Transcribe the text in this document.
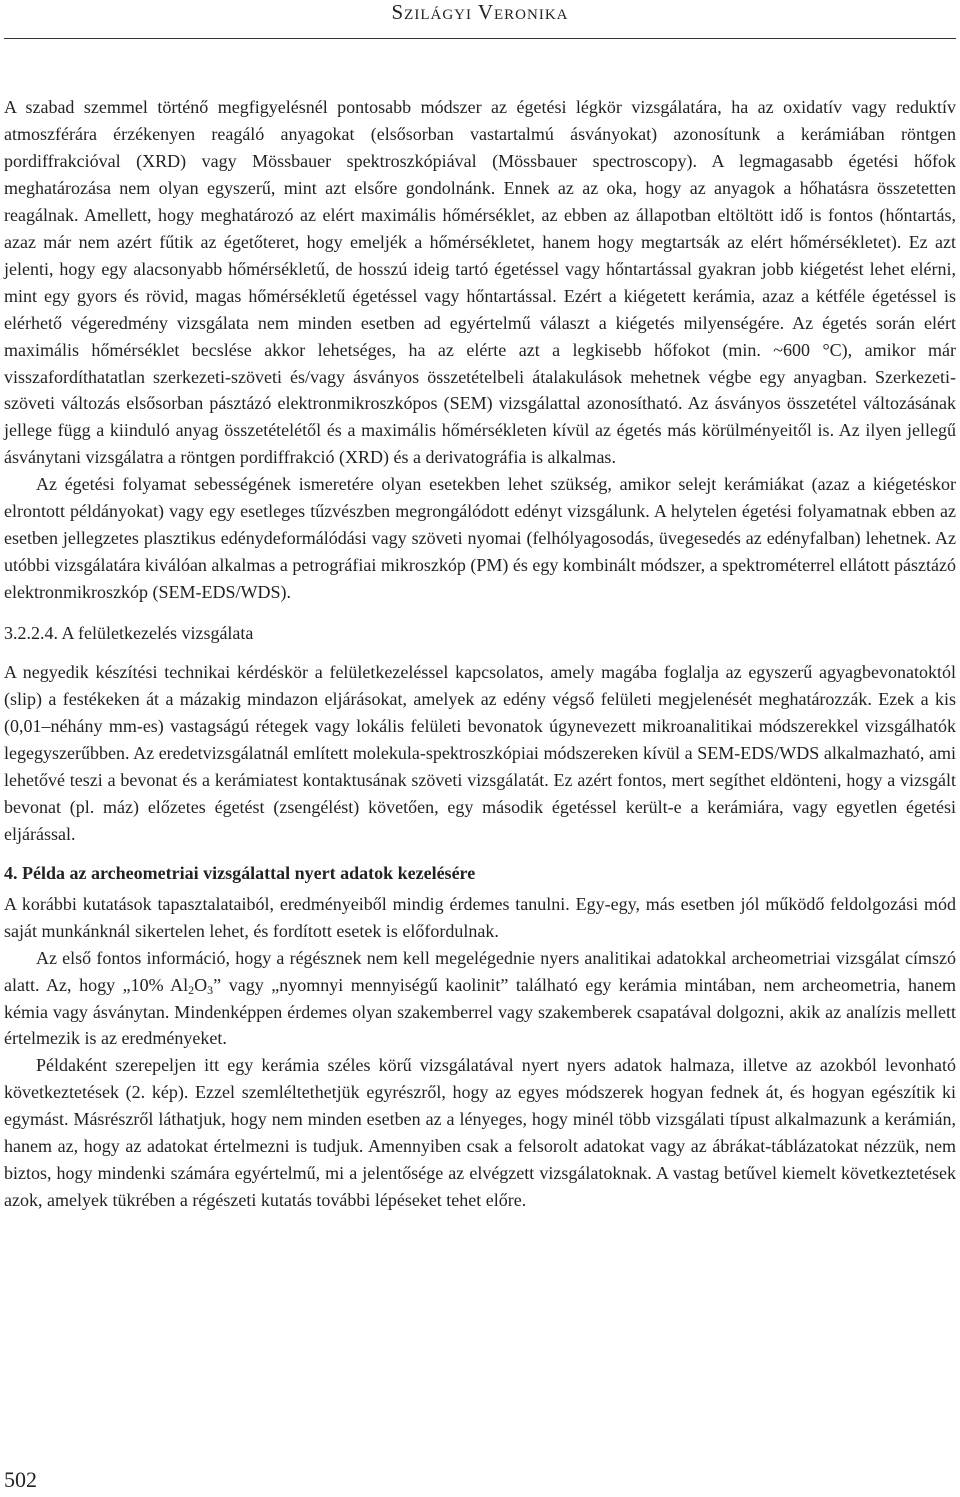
Szilágyi Veronika

A szabad szemmel történő megfigyelésnél pontosabb módszer az égetési légkör vizsgálatára, ha az oxidatív vagy reduktív atmoszférára érzékenyen reagáló anyagokat (elsősorban vastartalmú ásványokat) azonosítunk a kerámiában röntgen pordiffrakcióval (XRD) vagy Mössbauer spektroszkópiával (Mössbauer spectroscopy). A legmagasabb égetési hőfok meghatározása nem olyan egyszerű, mint azt elsőre gondolnánk. Ennek az az oka, hogy az anyagok a hőhatásra összetetten reagálnak. Amellett, hogy meghatározó az elért maximális hőmérséklet, az ebben az állapotban eltöltött idő is fontos (hőntartás, azaz már nem azért fűtik az égetőteret, hogy emeljék a hőmérsékletet, hanem hogy megtartsák az elért hőmérsékletet). Ez azt jelenti, hogy egy alacsonyabb hőmérsékletű, de hosszú ideig tartó égetéssel vagy hőntartással gyakran jobb kiégetést lehet elérni, mint egy gyors és rövid, magas hőmérsékletű égetéssel vagy hőntartással. Ezért a kiégetett kerámia, azaz a kétféle égetéssel is elérhető végeredmény vizsgálata nem minden esetben ad egyértelmű választ a kiégetés milyenségére. Az égetés során elért maximális hőmérséklet becslése akkor lehetséges, ha az elérte azt a legkisebb hőfokot (min. ~600 °C), amikor már visszafordíthatatlan szerkezeti-szöveti és/vagy ásványos összetételbeli átalakulások mehetnek végbe egy anyagban. Szerkezeti-szöveti változás elsősorban pásztázó elektronmikroszkópos (SEM) vizsgálattal azonosítható. Az ásványos összetétel változásának jellege függ a kiinduló anyag összetételétől és a maximális hőmérsékleten kívül az égetés más körülményeitől is. Az ilyen jellegű ásványtani vizsgálatra a röntgen pordiffrakció (XRD) és a derivatográfia is alkalmas.

Az égetési folyamat sebességének ismeretére olyan esetekben lehet szükség, amikor selejt kerámiákat (azaz a kiégetéskor elrontott példányokat) vagy egy esetleges tűzvészben megrongálódott edényt vizsgálunk. A helytelen égetési folyamatnak ebben az esetben jellegzetes plasztikus edénydeformálódási vagy szöveti nyomai (felhólyagosodás, üvegesedés az edényfalban) lehetnek. Az utóbbi vizsgálatára kiválóan alkalmas a petrográfiai mikroszkóp (PM) és egy kombinált módszer, a spektrométerrel ellátott pásztázó elektronmikroszkóp (SEM-EDS/WDS).

3.2.2.4. A felületkezelés vizsgálata

A negyedik készítési technikai kérdéskör a felületkezeléssel kapcsolatos, amely magába foglalja az egyszerű agyagbevonatoktól (slip) a festékeken át a mázakig mindazon eljárásokat, amelyek az edény végső felületi megjelenését meghatározzák. Ezek a kis (0,01–néhány mm-es) vastagságú rétegek vagy lokális felületi bevonatok úgynevezett mikroanalitikai módszerekkel vizsgálhatók legegyszerűbben. Az eredetvizsgálatnál említett molekula-spektroszkópiai módszereken kívül a SEM-EDS/WDS alkalmazható, ami lehetővé teszi a bevonat és a kerámiatest kontaktusának szöveti vizsgálatát. Ez azért fontos, mert segíthet eldönteni, hogy a vizsgált bevonat (pl. máz) előzetes égetést (zsengélést) követően, egy második égetéssel került-e a kerámiára, vagy egyetlen égetési eljárással.

4. Példa az archeometriai vizsgálattal nyert adatok kezelésére

A korábbi kutatások tapasztalataiból, eredményeiből mindig érdemes tanulni. Egy-egy, más esetben jól működő feldolgozási mód saját munkánknál sikertelen lehet, és fordított esetek is előfordulnak.

Az első fontos információ, hogy a régésznek nem kell megelégednie nyers analitikai adatokkal archeometriai vizsgálat címszó alatt. Az, hogy „10% $Al_2O_3$” vagy „nyomnyi mennyiségű kaolinit” található egy kerámia mintában, nem archeometria, hanem kémia vagy ásványtan. Mindenképpen érdemes olyan szakemberrel vagy szakemberek csapatával dolgozni, akik az analízis mellett értelmezik is az eredményeket.

Példaként szerepeljen itt egy kerámia széles körű vizsgálatával nyert nyers adatok halmaza, illetve az azokból levonható következtetések (2. kép). Ezzel szemléltethetjük egyrészről, hogy az egyes módszerek hogyan fednek át, és hogyan egészítik ki egymást. Másrészről láthatjuk, hogy nem minden esetben az a lényeges, hogy minél több vizsgálati típust alkalmazunk a kerámián, hanem az, hogy az adatokat értelmezni is tudjuk. Amennyiben csak a felsorolt adatokat vagy az ábrákat-táblázatokat nézzük, nem biztos, hogy mindenki számára egyértelmű, mi a jelentősége az elvégzett vizsgálatoknak. A vastag betűvel kiemelt következtetések azok, amelyek tükrében a régészeti kutatás további lépéseket tehet előre.

502
